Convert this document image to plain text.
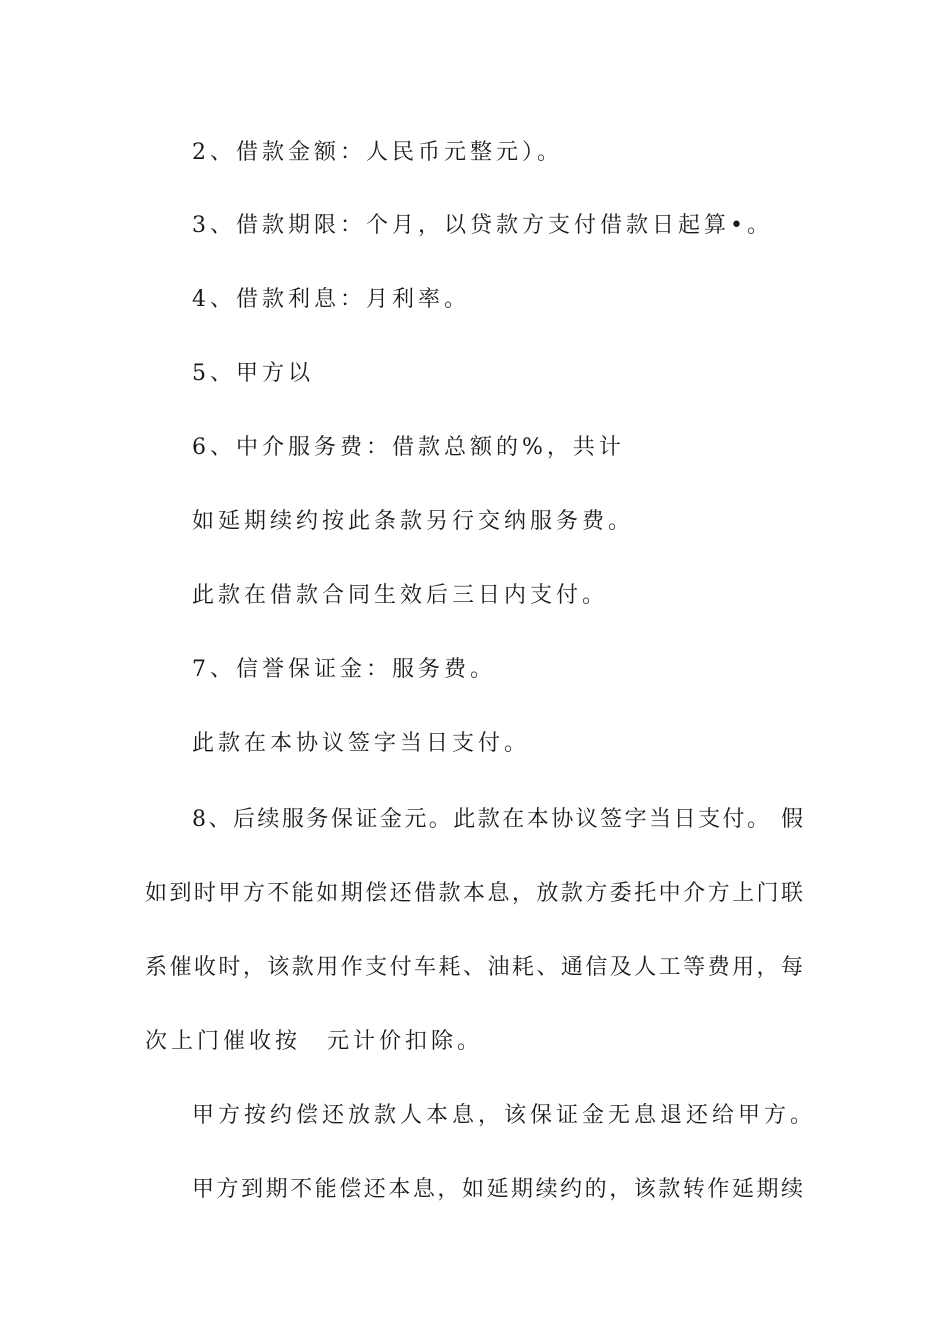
2、借款金额：人民币元整元）。
3、借款期限：个月，以贷款方支付借款日起算•。
4、借款利息：月利率。
5、甲方以
6、中介服务费：借款总额的%，共计
如延期续约按此条款另行交纳服务费。
此款在借款合同生效后三日内支付。
7、信誉保证金：服务费。
此款在本协议签字当日支付。
8、后续服务保证金元。此款在本协议签字当日支付。 假
如到时甲方不能如期偿还借款本息，放款方委托中介方上门联
系催收时，该款用作支付车耗、油耗、通信及人工等费用，每
次上门催收按 元计价扣除。
甲方按约偿还放款人本息，该保证金无息退还给甲方。
甲方到期不能偿还本息，如延期续约的，该款转作延期续
